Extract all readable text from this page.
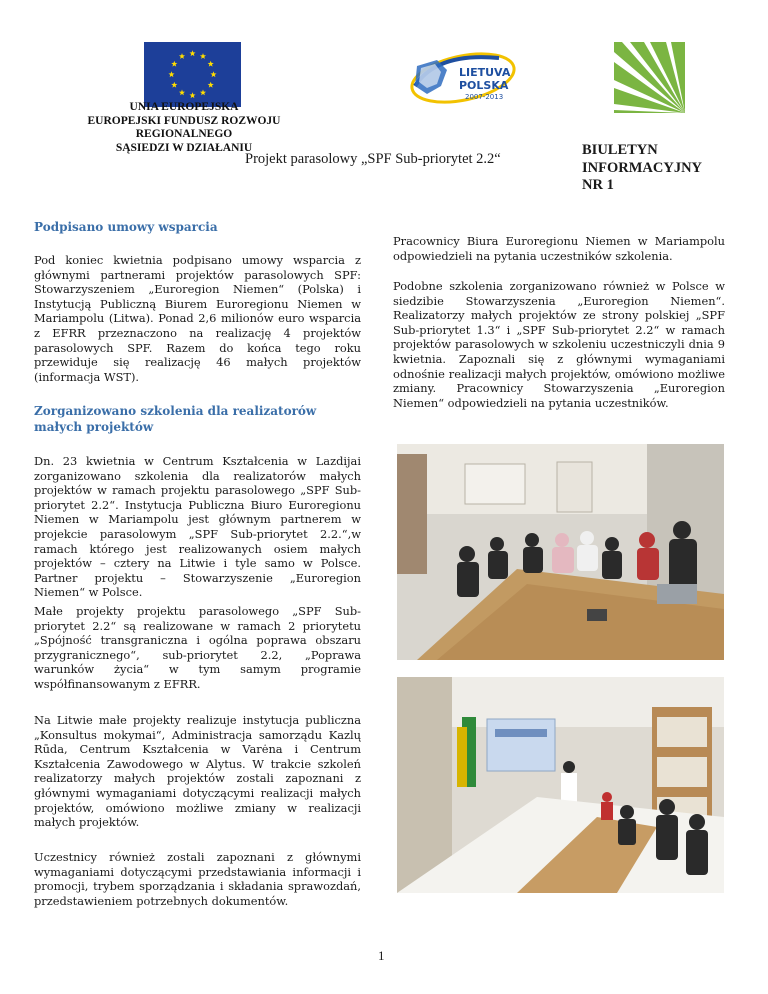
UNIA EUROPEJSKA
EUROPEJSKI FUNDUSZ ROZWOJU
REGIONALNEGO
SĄSIEDZI W DZIAŁANIU
Projekt parasolowy „SPF Sub-priorytet 2.2“
LIETUVA
POLSKA
2007-2013
BIULETYN
INFORMACYJNY
NR 1
Podpisano umowy wsparcia
Pod koniec kwietnia podpisano umowy wsparcia z głównymi partnerami projektów parasolowych SPF: Stowarzyszeniem „Euroregion Niemen“ (Polska) i Instytucją Publiczną Biurem Euroregionu Niemen w Mariampolu (Litwa). Ponad 2,6 milionów euro wsparcia z EFRR przeznaczono na realizację 4 projektów parasolowych SPF. Razem do końca tego roku przewiduje się realizację 46 małych projektów (informacja WST).
Zorganizowano szkolenia dla realizatorów małych projektów
Dn. 23 kwietnia w Centrum Kształcenia w Lazdijai zorganizowano szkolenia dla realizatorów małych projektów w ramach projektu parasolowego „SPF Sub-priorytet 2.2“. Instytucja Publiczna Biuro Euroregionu Niemen w Mariampolu jest głównym partnerem w projekcie parasolowym „SPF Sub-priorytet 2.2.“,w ramach którego jest realizowanych osiem małych projektów – cztery na Litwie i tyle samo w Polsce. Partner projektu – Stowarzyszenie „Euroregion Niemen“ w Polsce.
Małe projekty projektu parasolowego „SPF Sub-priorytet 2.2“ są realizowane w ramach 2 priorytetu „Spójność transgraniczna i ogólna poprawa obszaru przygranicznego“, sub-priorytet 2.2, „Poprawa warunków życia“ w tym samym programie współfinansowanym z EFRR.
Na Litwie małe projekty realizuje instytucja publiczna „Konsultus mokymai“, Administracja samorządu Kazlų Rūda, Centrum Kształcenia w Varėna i Centrum Kształcenia Zawodowego w Alytus. W trakcie szkoleń realizatorzy małych projektów zostali zapoznani z głównymi wymaganiami dotyczącymi realizacji małych projektów, omówiono możliwe zmiany w realizacji małych projektów.
Uczestnicy również zostali zapoznani z głównymi wymaganiami dotyczącymi przedstawiania informacji i promocji, trybem sporządzania i składania sprawozdań, przedstawieniem potrzebnych dokumentów.
Pracownicy Biura Euroregionu Niemen w Mariampolu odpowiedzieli na pytania uczestników szkolenia.
Podobne szkolenia zorganizowano również w Polsce w siedzibie Stowarzyszenia „Euroregion Niemen“. Realizatorzy małych projektów ze strony polskiej „SPF Sub-priorytet 1.3“ i „SPF Sub-priorytet 2.2“ w ramach projektów parasolowych w szkoleniu uczestniczyli dnia 9 kwietnia. Zapoznali się z głównymi wymaganiami odnośnie realizacji małych projektów, omówiono możliwe zmiany. Pracownicy Stowarzyszenia „Euroregion Niemen“ odpowiedzieli na pytania uczestników.
1
